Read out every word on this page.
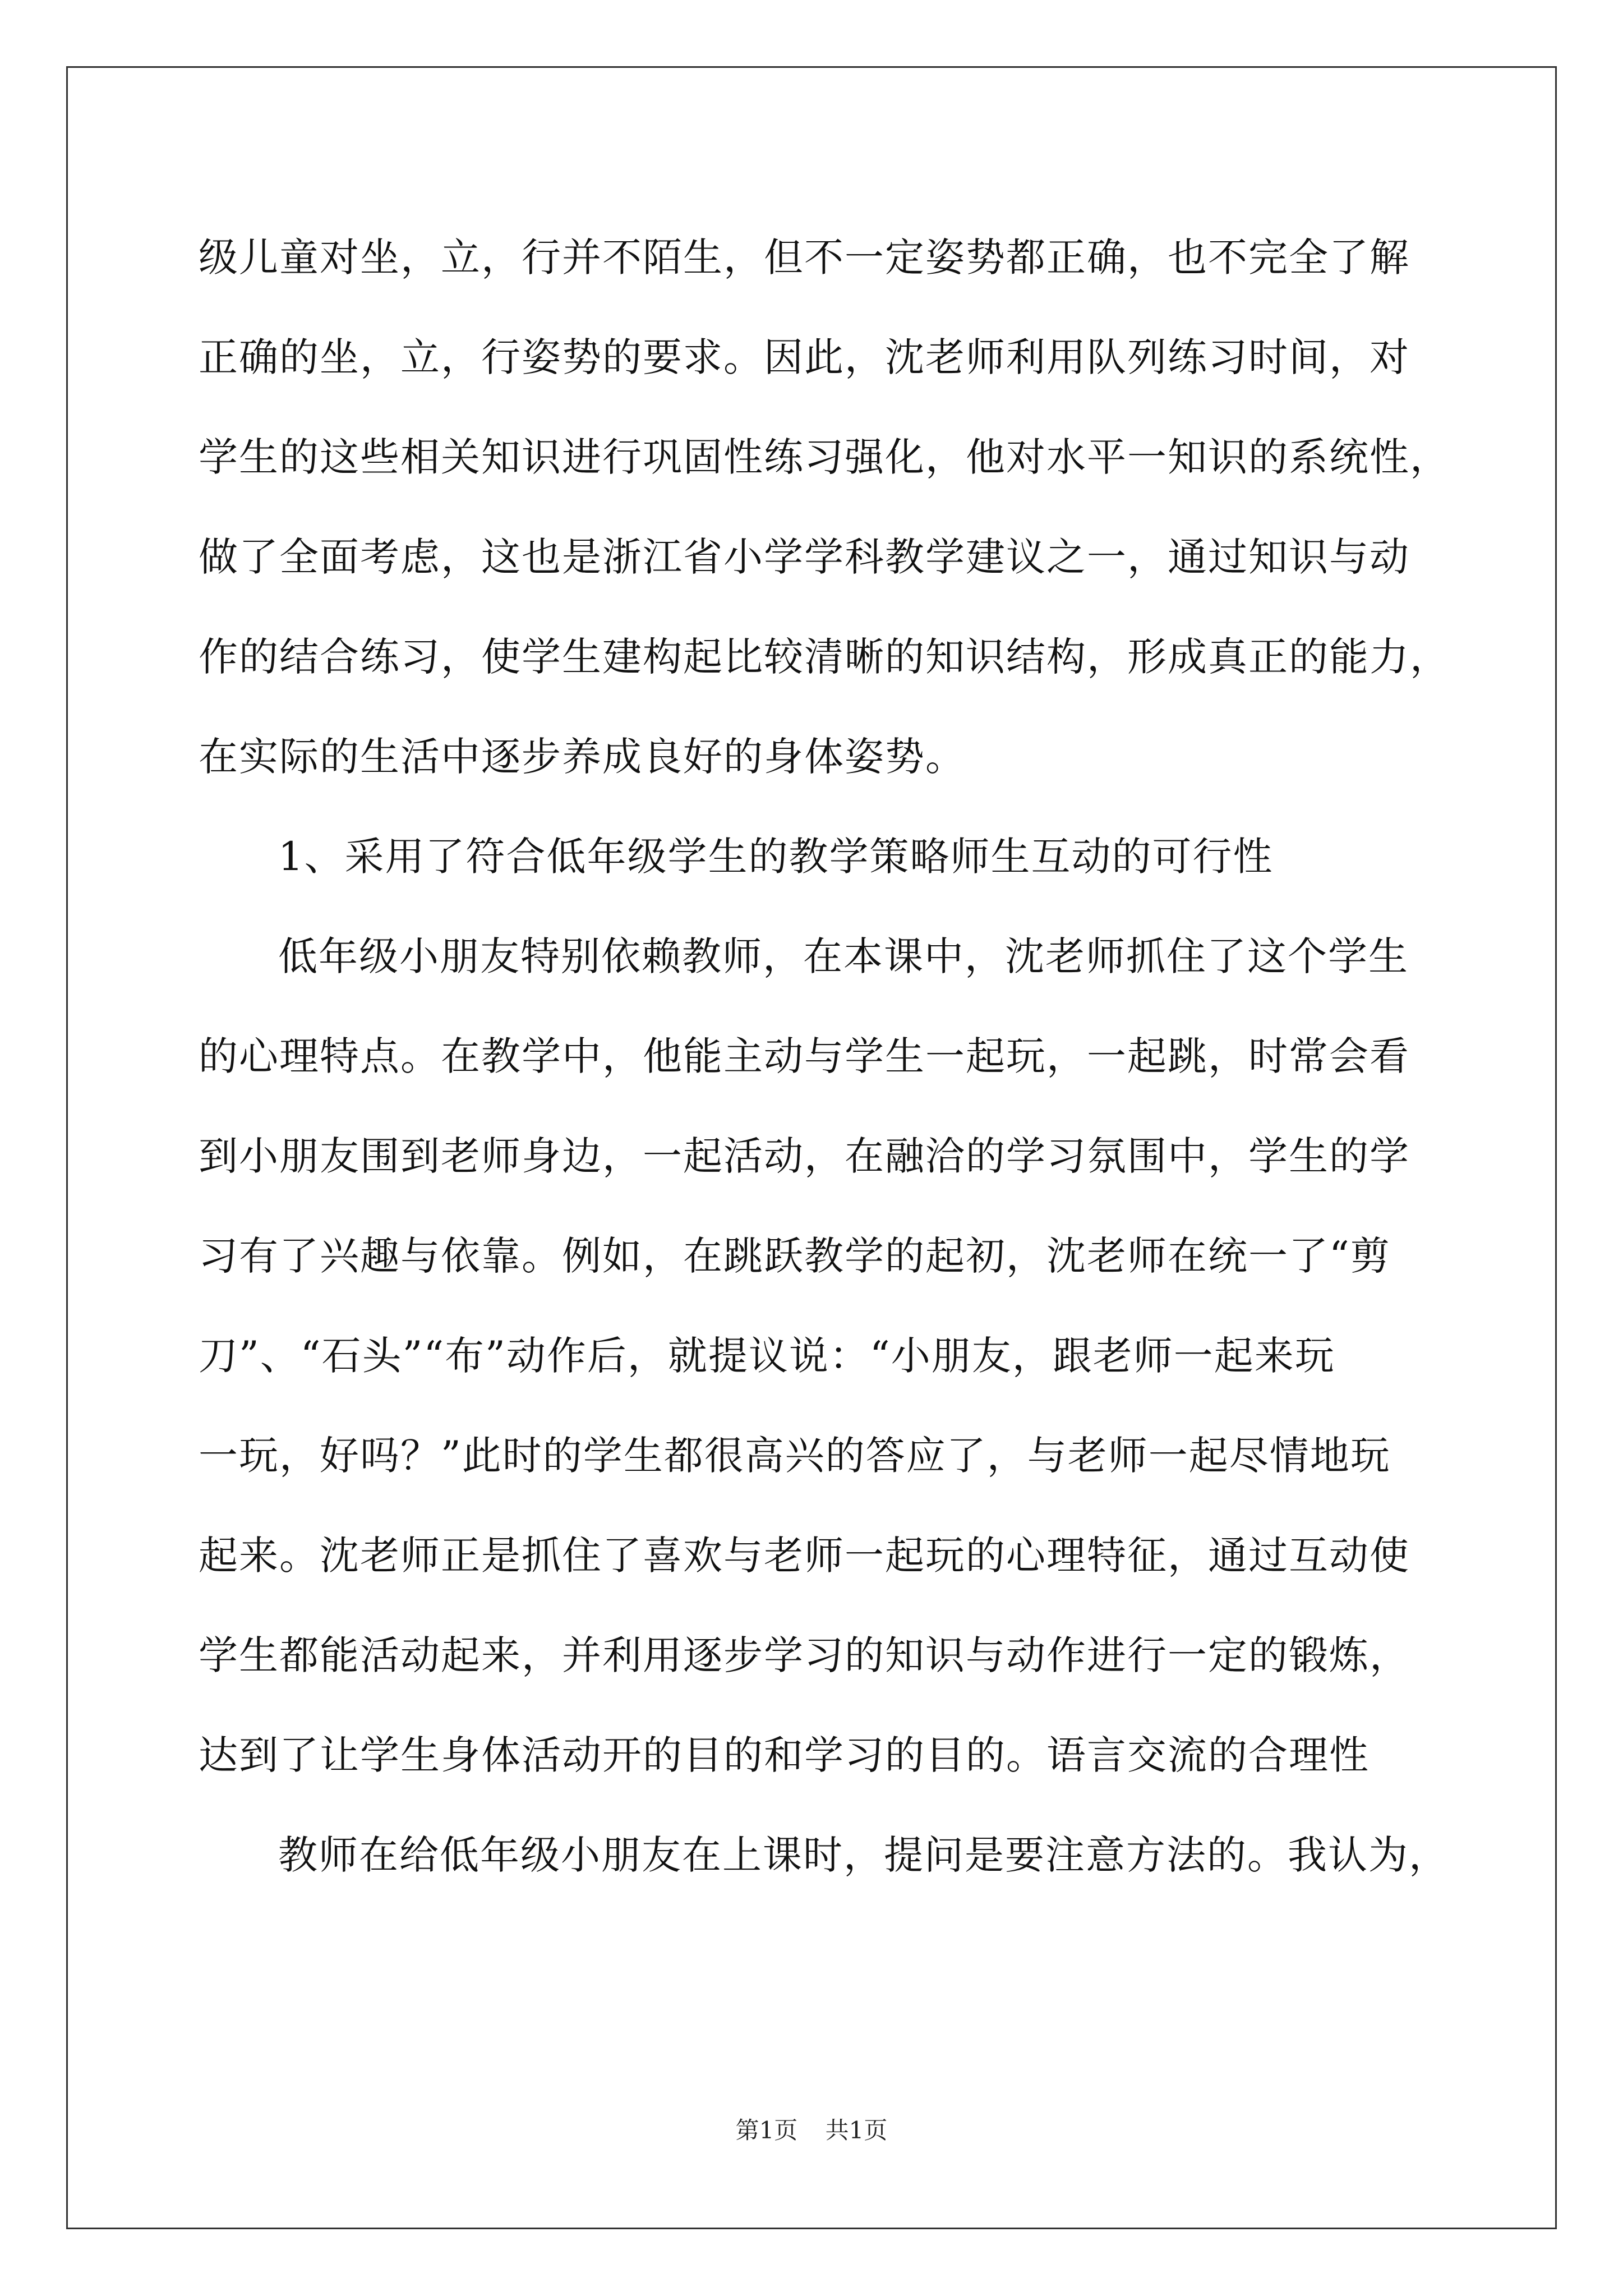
级儿童对坐，立，行并不陌生，但不一定姿势都正确，也不完全了解
正确的坐，立，行姿势的要求。因此，沈老师利用队列练习时间，对
学生的这些相关知识进行巩固性练习强化，他对水平一知识的系统性，
做了全面考虑，这也是浙江省小学学科教学建议之一，通过知识与动
作的结合练习，使学生建构起比较清晰的知识结构，形成真正的能力，
在实际的生活中逐步养成良好的身体姿势。
1、采用了符合低年级学生的教学策略师生互动的可行性
低年级小朋友特别依赖教师，在本课中，沈老师抓住了这个学生
的心理特点。在教学中，他能主动与学生一起玩，一起跳，时常会看
到小朋友围到老师身边，一起活动，在融洽的学习氛围中，学生的学
习有了兴趣与依靠。例如，在跳跃教学的起初，沈老师在统一了“剪
刀”、“石头”“布”动作后，就提议说：“小朋友，跟老师一起来玩
一玩，好吗？”此时的学生都很高兴的答应了，与老师一起尽情地玩
起来。沈老师正是抓住了喜欢与老师一起玩的心理特征，通过互动使
学生都能活动起来，并利用逐步学习的知识与动作进行一定的锻炼，
达到了让学生身体活动开的目的和学习的目的。语言交流的合理性
教师在给低年级小朋友在上课时，提问是要注意方法的。我认为，
第1页 共1页
